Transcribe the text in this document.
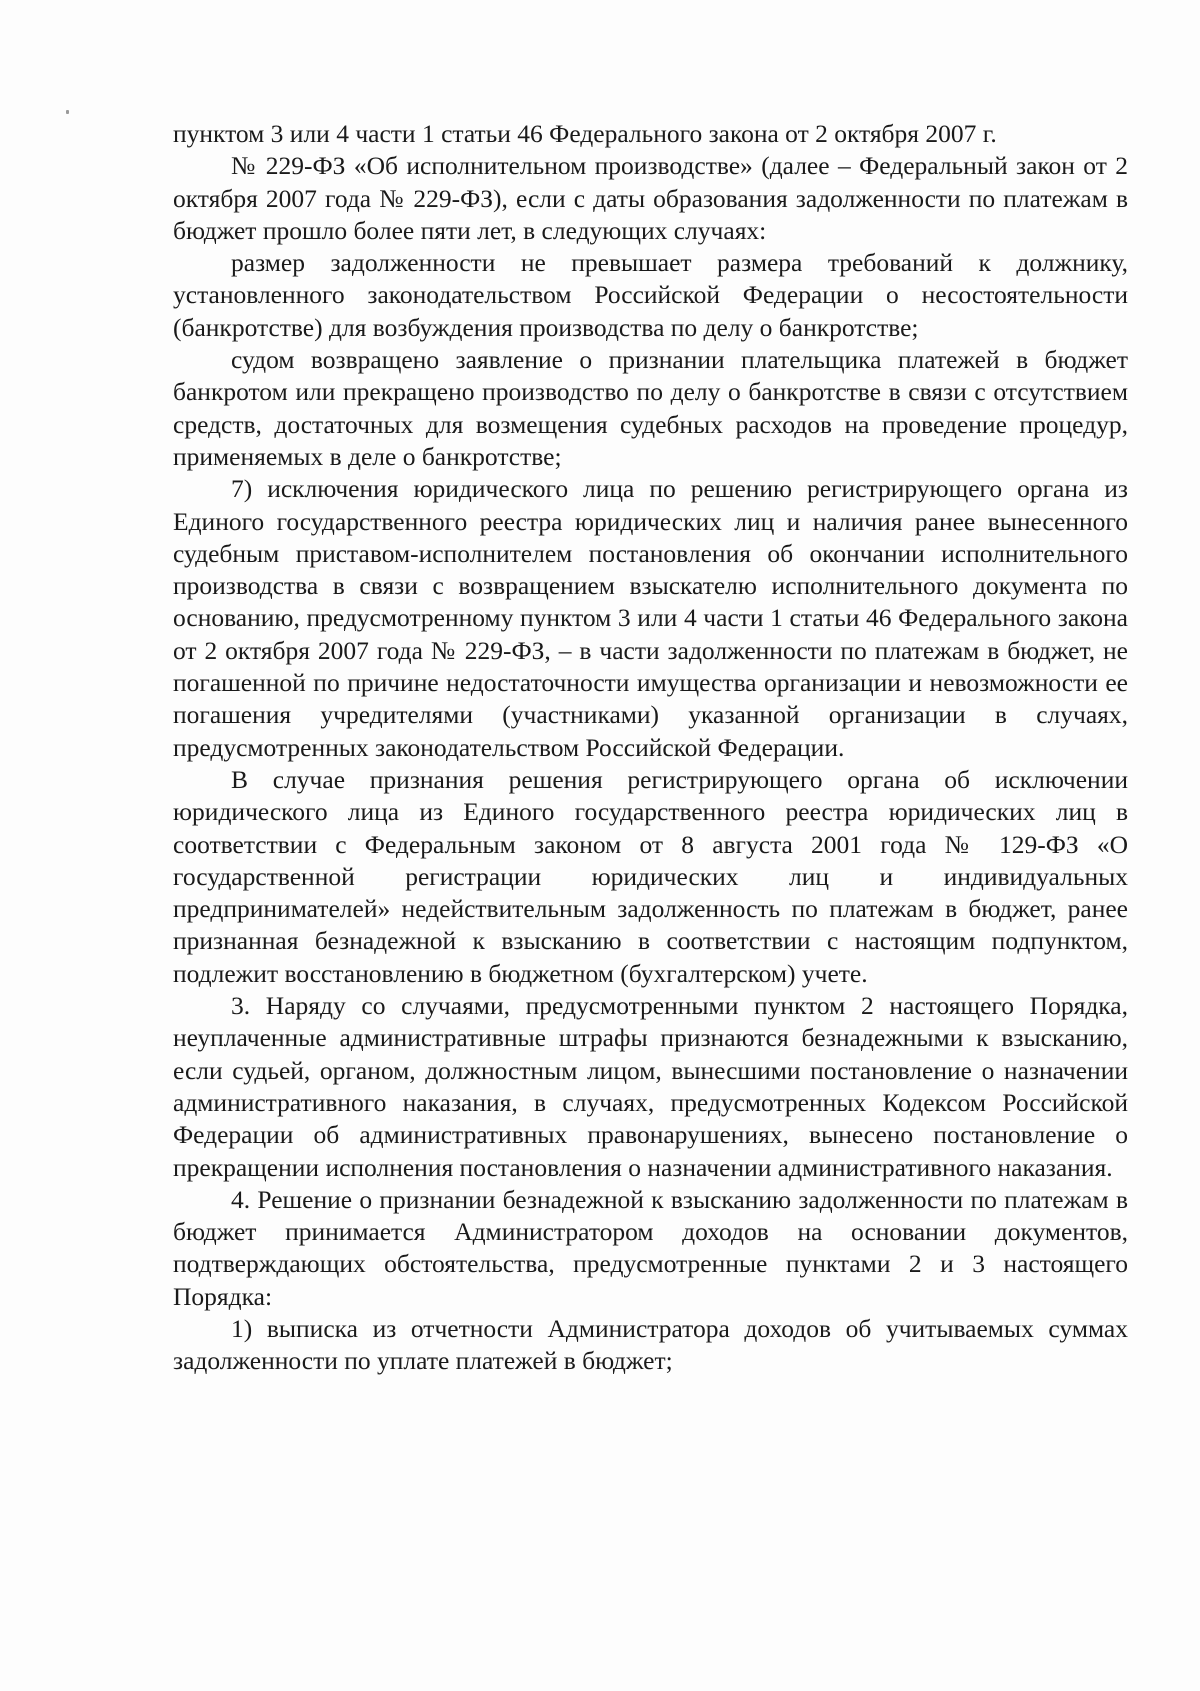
пунктом 3 или 4 части 1 статьи 46 Федерального закона от 2 октября 2007 г.

№ 229-ФЗ «Об исполнительном производстве» (далее – Федеральный закон от 2 октября 2007 года № 229-ФЗ), если с даты образования задолженности по платежам в бюджет прошло более пяти лет, в следующих случаях:

размер задолженности не превышает размера требований к должнику, установленного законодательством Российской Федерации о несостоятельности (банкротстве) для возбуждения производства по делу о банкротстве;

судом возвращено заявление о признании плательщика платежей в бюджет банкротом или прекращено производство по делу о банкротстве в связи с отсутствием средств, достаточных для возмещения судебных расходов на проведение процедур, применяемых в деле о банкротстве;

7) исключения юридического лица по решению регистрирующего органа из Единого государственного реестра юридических лиц и наличия ранее вынесенного судебным приставом-исполнителем постановления об окончании исполнительного производства в связи с возвращением взыскателю исполнительного документа по основанию, предусмотренному пунктом 3 или 4 части 1 статьи 46 Федерального закона от 2 октября 2007 года № 229-ФЗ, – в части задолженности по платежам в бюджет, не погашенной по причине недостаточности имущества организации и невозможности ее погашения учредителями (участниками) указанной организации в случаях, предусмотренных законодательством Российской Федерации.

В случае признания решения регистрирующего органа об исключении юридического лица из Единого государственного реестра юридических лиц в соответствии с Федеральным законом от 8 августа 2001 года № 129-ФЗ «О государственной регистрации юридических лиц и индивидуальных предпринимателей» недействительным задолженность по платежам в бюджет, ранее признанная безнадежной к взысканию в соответствии с настоящим подпунктом, подлежит восстановлению в бюджетном (бухгалтерском) учете.

3. Наряду со случаями, предусмотренными пунктом 2 настоящего Порядка, неуплаченные административные штрафы признаются безнадежными к взысканию, если судьей, органом, должностным лицом, вынесшими постановление о назначении административного наказания, в случаях, предусмотренных Кодексом Российской Федерации об административных правонарушениях, вынесено постановление о прекращении исполнения постановления о назначении административного наказания.

4. Решение о признании безнадежной к взысканию задолженности по платежам в бюджет принимается Администратором доходов на основании документов, подтверждающих обстоятельства, предусмотренные пунктами 2 и 3 настоящего Порядка:

1) выписка из отчетности Администратора доходов об учитываемых суммах задолженности по уплате платежей в бюджет;
